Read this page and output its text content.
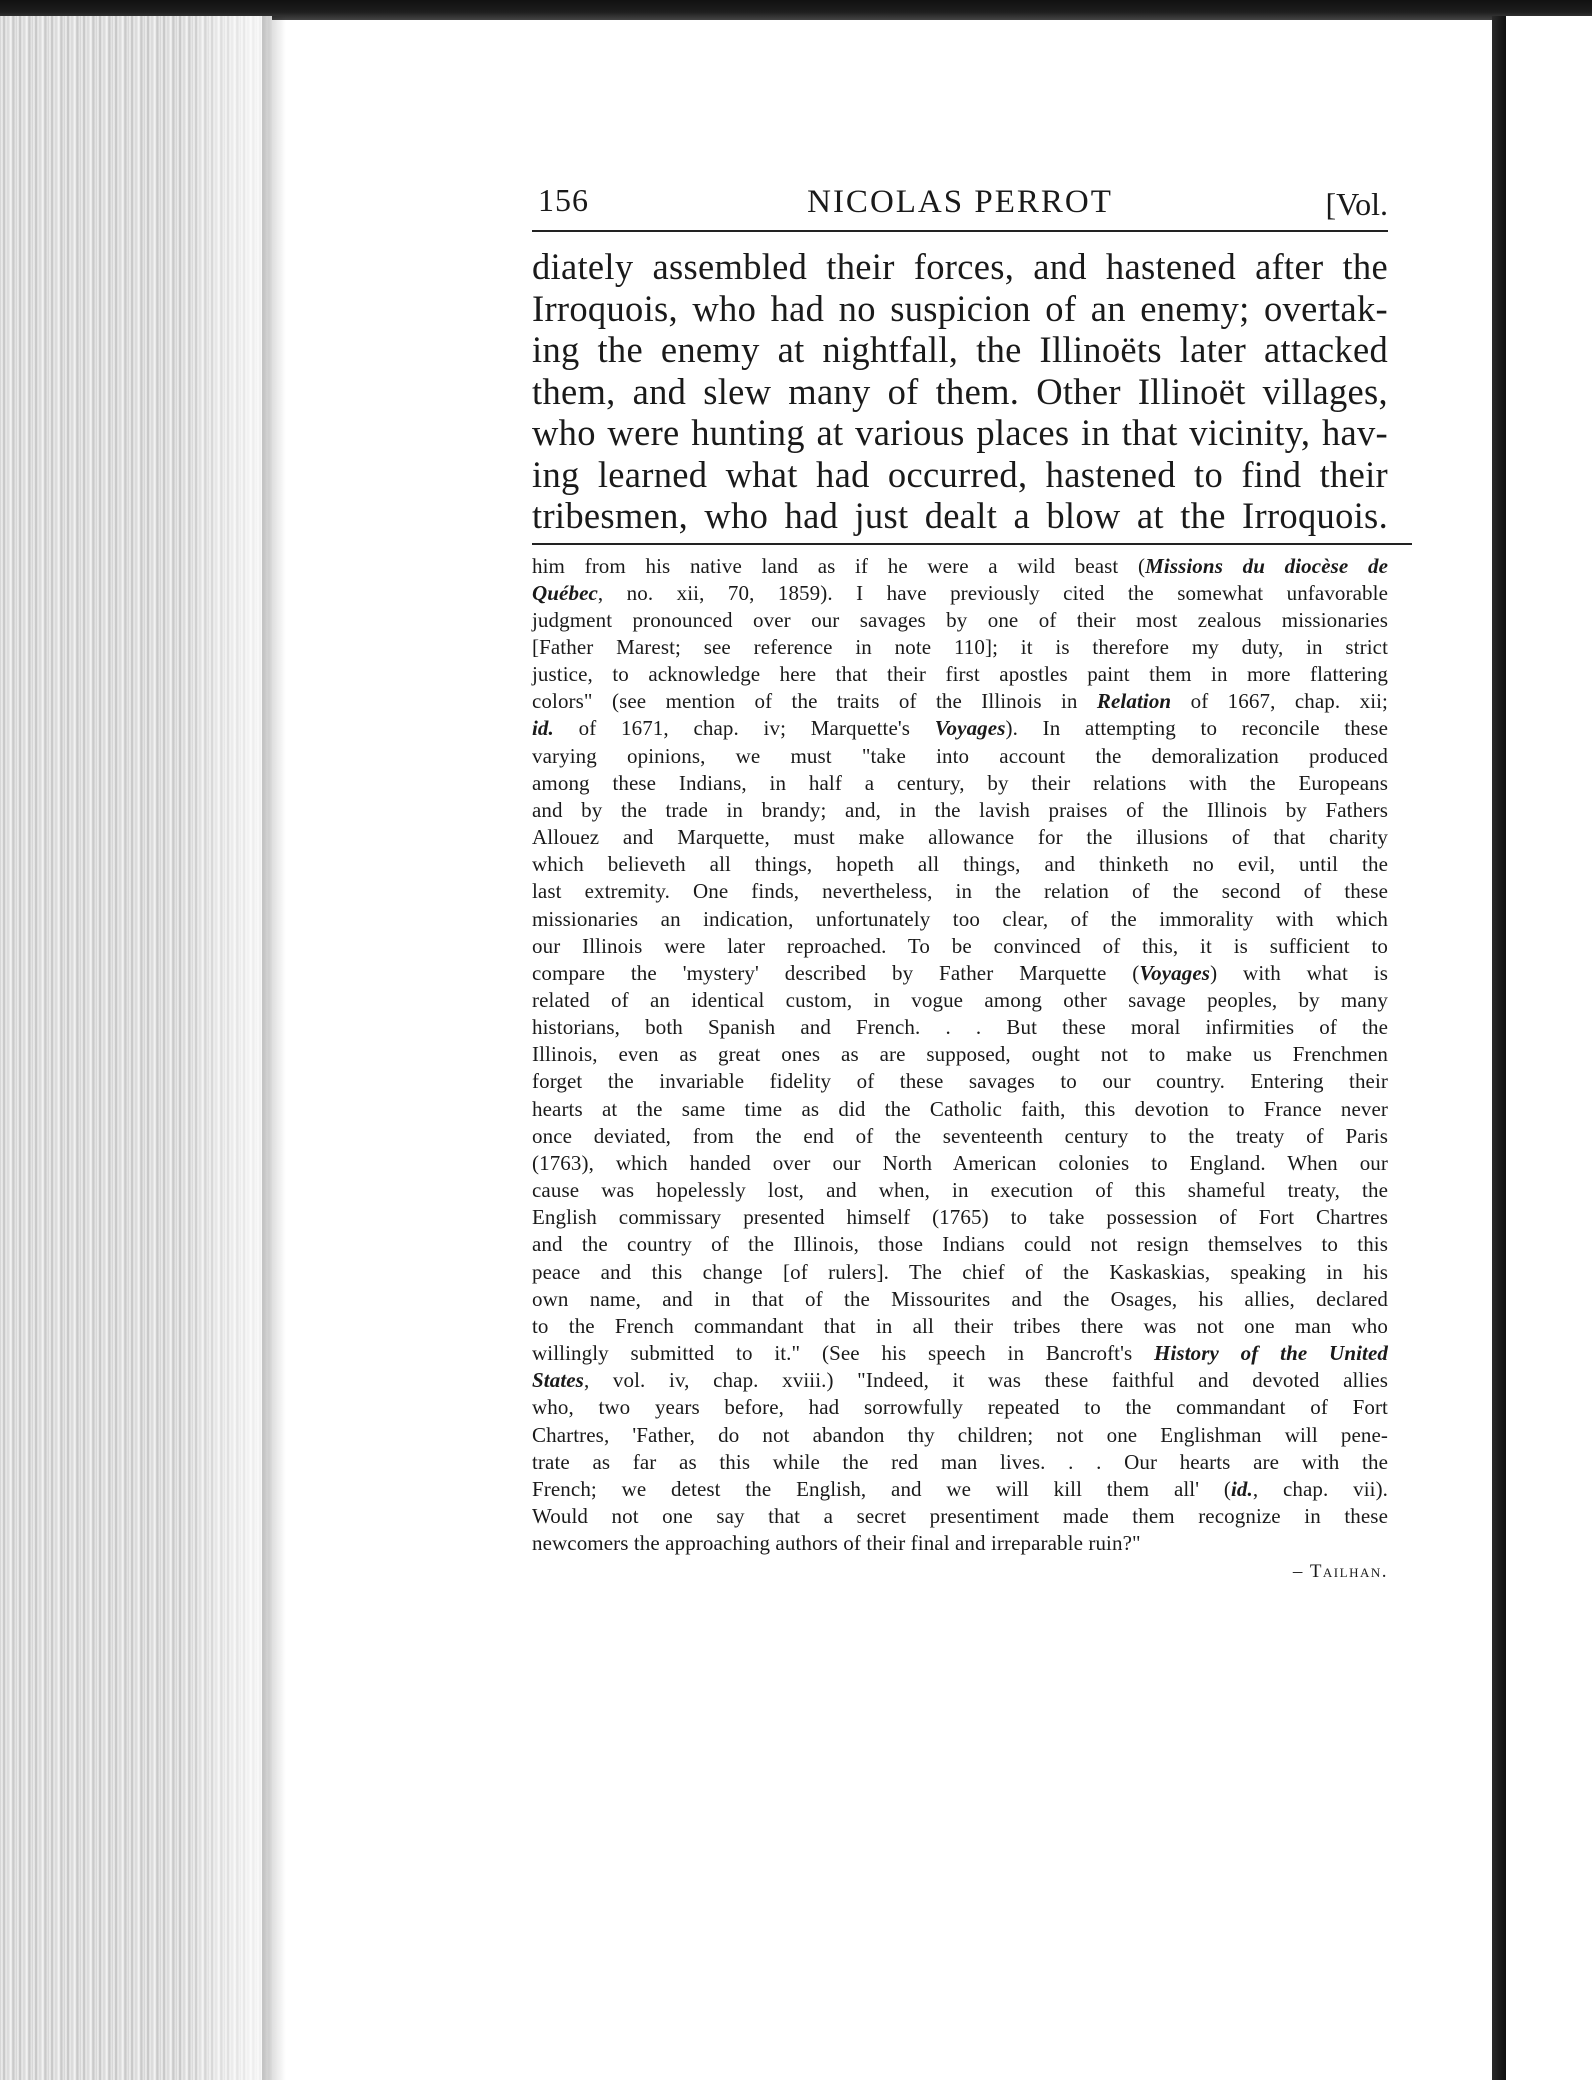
156	NICOLAS PERROT	[Vol.
diately assembled their forces, and hastened after the
Irroquois, who had no suspicion of an enemy; overtak-
ing the enemy at nightfall, the Illinoëts later attacked
them, and slew many of them. Other Illinoët villages,
who were hunting at various places in that vicinity, hav-
ing learned what had occurred, hastened to find their
tribesmen, who had just dealt a blow at the Irroquois.
him from his native land as if he were a wild beast (Missions du diocèse de
Québec, no. xii, 70, 1859). I have previously cited the somewhat unfavorable
judgment pronounced over our savages by one of their most zealous missionaries
[Father Marest; see reference in note 110]; it is therefore my duty, in strict
justice, to acknowledge here that their first apostles paint them in more flattering
colors" (see mention of the traits of the Illinois in Relation of 1667, chap. xii;
id. of 1671, chap. iv; Marquette's Voyages). In attempting to reconcile these
varying opinions, we must "take into account the demoralization produced
among these Indians, in half a century, by their relations with the Europeans
and by the trade in brandy; and, in the lavish praises of the Illinois by Fathers
Allouez and Marquette, must make allowance for the illusions of that charity
which believeth all things, hopeth all things, and thinketh no evil, until the
last extremity. One finds, nevertheless, in the relation of the second of these
missionaries an indication, unfortunately too clear, of the immorality with which
our Illinois were later reproached. To be convinced of this, it is sufficient to
compare the 'mystery' described by Father Marquette (Voyages) with what is
related of an identical custom, in vogue among other savage peoples, by many
historians, both Spanish and French. . . But these moral infirmities of the
Illinois, even as great ones as are supposed, ought not to make us Frenchmen
forget the invariable fidelity of these savages to our country. Entering their
hearts at the same time as did the Catholic faith, this devotion to France never
once deviated, from the end of the seventeenth century to the treaty of Paris
(1763), which handed over our North American colonies to England. When our
cause was hopelessly lost, and when, in execution of this shameful treaty, the
English commissary presented himself (1765) to take possession of Fort Chartres
and the country of the Illinois, those Indians could not resign themselves to this
peace and this change [of rulers]. The chief of the Kaskaskias, speaking in his
own name, and in that of the Missourites and the Osages, his allies, declared
to the French commandant that in all their tribes there was not one man who
willingly submitted to it." (See his speech in Bancroft's History of the United
States, vol. iv, chap. xviii.) "Indeed, it was these faithful and devoted allies
who, two years before, had sorrowfully repeated to the commandant of Fort
Chartres, 'Father, do not abandon thy children; not one Englishman will pene-
trate as far as this while the red man lives. . . Our hearts are with the
French; we detest the English, and we will kill them all' (id., chap. vii).
Would not one say that a secret presentiment made them recognize in these
newcomers the approaching authors of their final and irreparable ruin?"
– Tailhan.
